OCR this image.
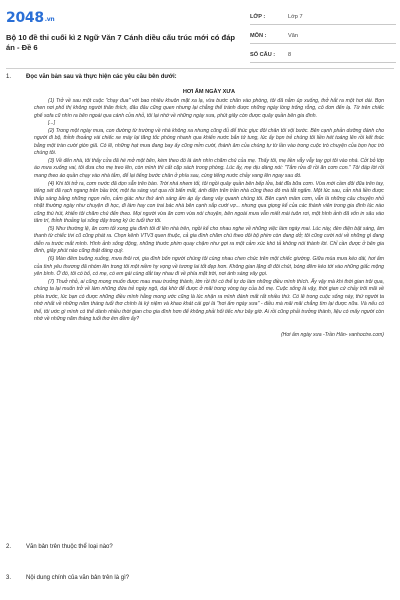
2048.vn
Bộ 10 đề thi cuối kì 2 Ngữ Văn 7 Cánh diều cấu trúc mới có đáp án - Đề 6
LỚP :	Lớp 7
MÔN :	Văn
SỐ CÂU :	8
1. Đọc văn bản sau và thực hiện các yêu cầu bên dưới:
HƠI ẤM NGÀY XƯA

(1) Trở về sau một cuộc "chạy đua" với bao nhiêu khuôn mặt xa lạ, vừa bước chân vào phòng, tôi đã nằm úp xuống, thở hắt ra một hơi dài. Bọn chen nơi phố thị không người thân thích, đâu đâu cũng quen nhưng lại chẳng thể tránh được những ngày lòng trống rỗng, cô đơn đến lạ. Từ trên chiếc ghế sofa cũ nhìn ra bên ngoài qua cánh cửa nhỏ, tôi lại nhớ về những ngày xưa, phút giây còn được quây quần bên gia đình.

[...]

(2) Trong một ngày mưa, con đường từ trường về nhà không xa nhưng cũng đủ để thúc giục đôi chân tôi vội bước. Bên cạnh phản dưỡng đánh cho người đi bộ, thỉnh thoảng vài chiếc xe máy lại tăng tốc phóng nhanh qua khiến nước bắn tứ tung, lúc ấy bọn trẻ chúng tôi liền hét toáng lên rồi kết thúc bằng một tràn cười giòn giã. Có lẽ, những hạt mưa đang bay ấy cũng mỉm cười, thành âm của chúng tự từ lần vào trong cuộc trò chuyện của bọn học trò chúng tôi.

(3) Về đến nhà, tôi thấy cửa đã hé mở một bên, kèm theo đó là ánh nhìn chăm chú của mẹ. Thấy tôi, mẹ liền vẫy vẫy tay gọi tôi vào nhà. Cởi bỏ lớp áo mưa xuống vai, tôi đưa cho mẹ treo lên, còn mình thì cất cặp sách trong phòng. Lúc ấy, mẹ dịu dàng nói: "Tắm rửa đi rồi ăn cơm con." Tôi đáp lời rồi mang theo áo quần chạy vào nhà tắm, để lại tiếng bước chân ở phía sau, cùng tiếng nước chảy vang lên ngay sau đó.

(4) Khi tôi trở ra, cơm nước đã dọn sẵn trên bàn. Trời nhá nhem tối, tôi ngồi quây quần bên bếp lửa, bát đĩa bữa cơm. Vừa mới cầm đôi đũa trên tay, tiếng sét đã rạch ngang trên bầu trời, một tia sáng vụt qua rồi biến mất, ánh điện trên trần nhà cũng theo đó mà tắt ngấm. Một lúc sau, cản nhà liền được thắp sáng bằng những ngọn nến, cảm giác như thứ ánh sáng ấm áp ấy đang vây quanh chúng tôi. Bên cạnh mâm cơm, vẫn là những câu chuyện nhỏ nhặt thường ngày như chuyện đi học, đi làm hay con trai bác nhà bên cạnh sắp cưới vợ... nhưng qua giọng kể của các thành viên trong gia đình lúc nào cũng thú hút, khiến tôi chăm chú đến theo. Mọi người vừa ăn cơm vừa nói chuyện, bên ngoài mưa vẫn miết mài tuôn rơi, một hình ảnh đã vốn in sâu vào tâm trí, thỉnh thoảng lại sống dậy trong ký ức tuổi thơ tôi.

(5) Như thường lệ, ăn cơm tối xong gia đình tôi đi lên nhà trên, ngồi kể cho nhau nghe về những việc làm ngày mai. Lúc này, đèn điện bật sáng, âm thanh từ chiếc tivi cũ cũng phát ra. Chọn kênh VTV3 quen thuộc, cả gia đình chăm chú theo dõi bộ phim còn đang dở; tôi cũng cười nói về những gì đang diễn ra trước mắt mình. Hình ảnh sống động, những thước phim quay chậm như gợi ra một cảm xúc khó tả không nói thành lời. Chỉ cần được ở bên gia đình, giây phút nào cũng thật đáng quý.

(6) Màn đêm buông xuống, mưa thôi rơi, gia đình bốn người chúng tôi cùng nhau chen chúc trên một chiếc giường. Giữa mùa mưa kéo dài, hơi ấm của tình yêu thương đã nhóm lên trong tôi một niềm hy vọng về tương lai tốt đẹp hơn. Không gian lặng đi đôi chút, bóng đêm kéo tới vào những giấc mộng yên bình. Ở đó, tôi có bố, có mẹ, có em gái cùng dắt tay nhau đi về phía mặt trời, nơi ánh sáng vây gọi.

(7) Thuở nhỏ, ai cũng mong muốn được mau mau trưởng thành, lớn rồi thì có thể tự do làm những điều mình thích. Ấy vậy mà khi thời gian trôi qua, chúng ta lại muốn trở về làm những đứa trẻ ngày ngô, dại khờ để được ở mãi trong vòng tay của bố mẹ. Cuộc sống là vậy, thời gian cứ chảy trôi mãi về phía trước, lúc bạn có được những điều mình hằng mong ước cũng là lúc nhận ra mình đánh mất rất nhiều thứ. Có lẽ trong cuộc sống này, thứ người ta nhớ nhất về những năm tháng tuổi thơ chính là ký niệm và khao khát cái gọi là "hơi ấm ngày xưa" - điều mà mãi mãi chẳng tìm lại được nữa. Và nếu có thể, tôi ước gì mình có thể dành nhiều thời gian cho gia đình hơn để không phải hối tiếc như bây giờ. Ai rồi cũng phải trưởng thành, liệu có mấy người còn nhớ về những năm tháng tuổi thơ êm đềm ấy?

(Hơi ấm ngày xưa -Trần Hân- vanhoctre.com)

2. Văn bản trên thuộc thể loại nào?
3. Nội dung chính của văn bản trên là gì?
